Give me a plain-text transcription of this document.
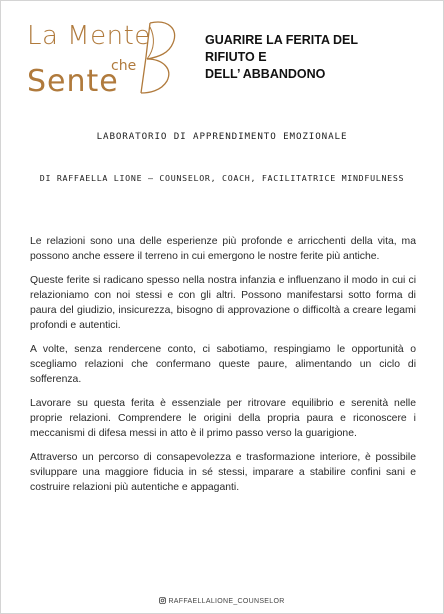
La Mente
che
Sente
GUARIRE LA FERITA DEL
RIFIUTO E
DELL’ ABBANDONO

LABORATORIO DI APPRENDIMENTO EMOZIONALE

DI RAFFAELLA LIONE – COUNSELOR, COACH, FACILITATRICE MINDFULNESS

Le relazioni sono una delle esperienze più profonde e arricchenti della vita, ma possono anche essere il terreno in cui emergono le nostre ferite più antiche.

Queste ferite si radicano spesso nella nostra infanzia e influenzano il modo in cui ci relazioniamo con noi stessi e con gli altri. Possono manifestarsi sotto forma di paura del giudizio, insicurezza, bisogno di approvazione o difficoltà a creare legami profondi e autentici.

A volte, senza rendercene conto, ci sabotiamo, respingiamo le opportunità o scegliamo relazioni che confermano queste paure, alimentando un ciclo di sofferenza.

Lavorare su questa ferita è essenziale per ritrovare equilibrio e serenità nelle proprie relazioni. Comprendere le origini della propria paura e riconoscere i meccanismi di difesa messi in atto è il primo passo verso la guarigione.

Attraverso un percorso di consapevolezza e trasformazione interiore, è possibile sviluppare una maggiore fiducia in sé stessi, imparare a stabilire confini sani e costruire relazioni più autentiche e appaganti.

RAFFAELLALIONE_COUNSELOR
